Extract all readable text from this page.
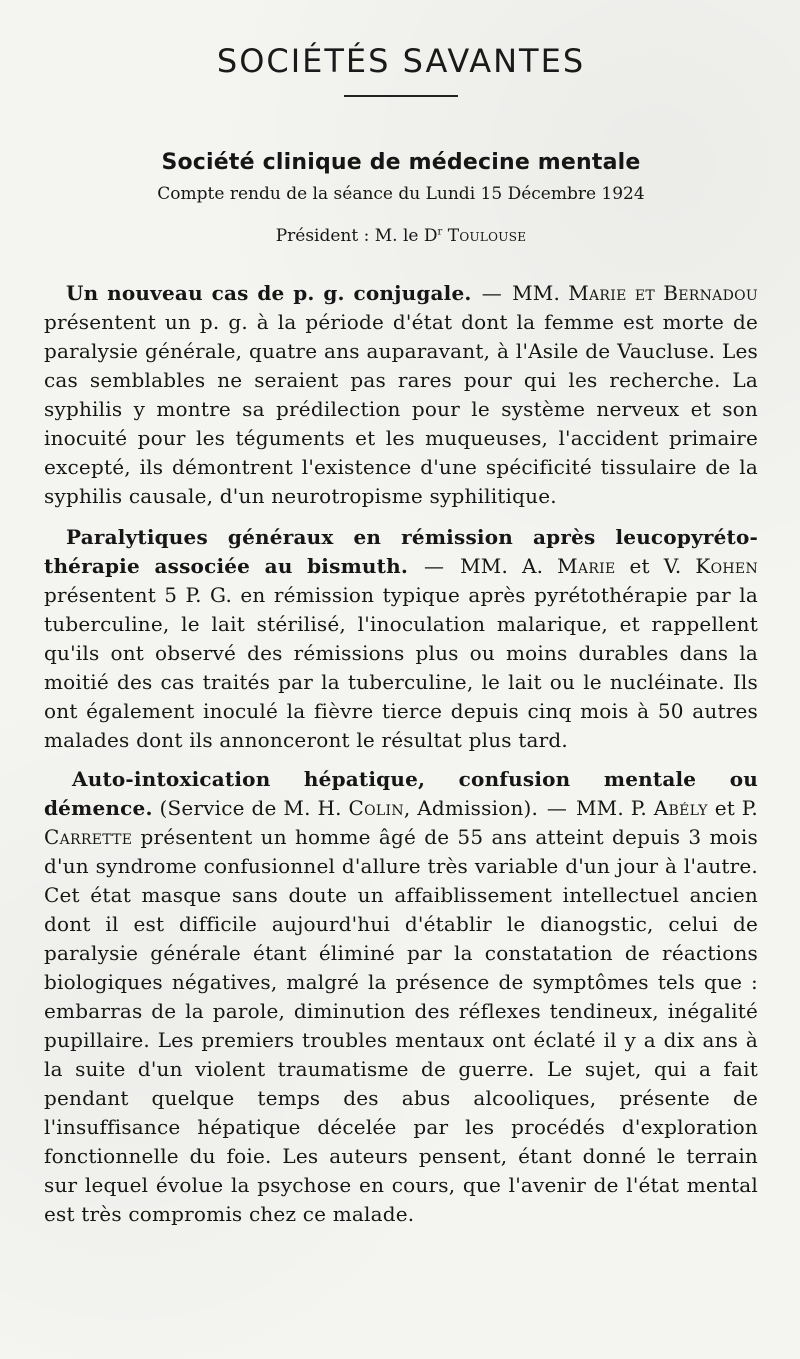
SOCIÉTÉS SAVANTES
Société clinique de médecine mentale

Compte rendu de la séance du Lundi 15 Décembre 1924

Président : M. le $D^r$ Toulouse

Un nouveau cas de p. g. conjugale. — MM. Marie et Bernadou présentent un p. g. à la période d'état dont la femme est morte de paralysie générale, quatre ans auparavant, à l'Asile de Vaucluse. Les cas semblables ne seraient pas rares pour qui les recherche. La syphilis y montre sa prédilection pour le système nerveux et son inocuité pour les téguments et les muqueuses, l'accident primaire excepté, ils démontrent l'existence d'une spécificité tissulaire de la syphilis causale, d'un neurotropisme syphilitique.

Paralytiques généraux en rémission après leucopyréto-thérapie associée au bismuth. — MM. A. Marie et V. Kohen présentent 5 P. G. en rémission typique après pyrétothérapie par la tuberculine, le lait stérilisé, l'inoculation malarique, et rappellent qu'ils ont observé des rémissions plus ou moins durables dans la moitié des cas traités par la tuberculine, le lait ou le nucléinate. Ils ont également inoculé la fièvre tierce depuis cinq mois à 50 autres malades dont ils annonceront le résultat plus tard.

Auto-intoxication hépatique, confusion mentale ou démence. (Service de M. H. Colin, Admission). — MM. P. Abély et P. Carrette présentent un homme âgé de 55 ans atteint depuis 3 mois d'un syndrome confusionnel d'allure très variable d'un jour à l'autre. Cet état masque sans doute un affaiblissement intellectuel ancien dont il est difficile aujourd'hui d'établir le dianogstic, celui de paralysie générale étant éliminé par la constatation de réactions biologiques négatives, malgré la présence de symptômes tels que : embarras de la parole, diminution des réflexes tendineux, inégalité pupillaire. Les premiers troubles mentaux ont éclaté il y a dix ans à la suite d'un violent traumatisme de guerre. Le sujet, qui a fait pendant quelque temps des abus alcooliques, présente de l'insuffisance hépatique décelée par les procédés d'exploration fonctionnelle du foie. Les auteurs pensent, étant donné le terrain sur lequel évolue la psychose en cours, que l'avenir de l'état mental est très compromis chez ce malade.
